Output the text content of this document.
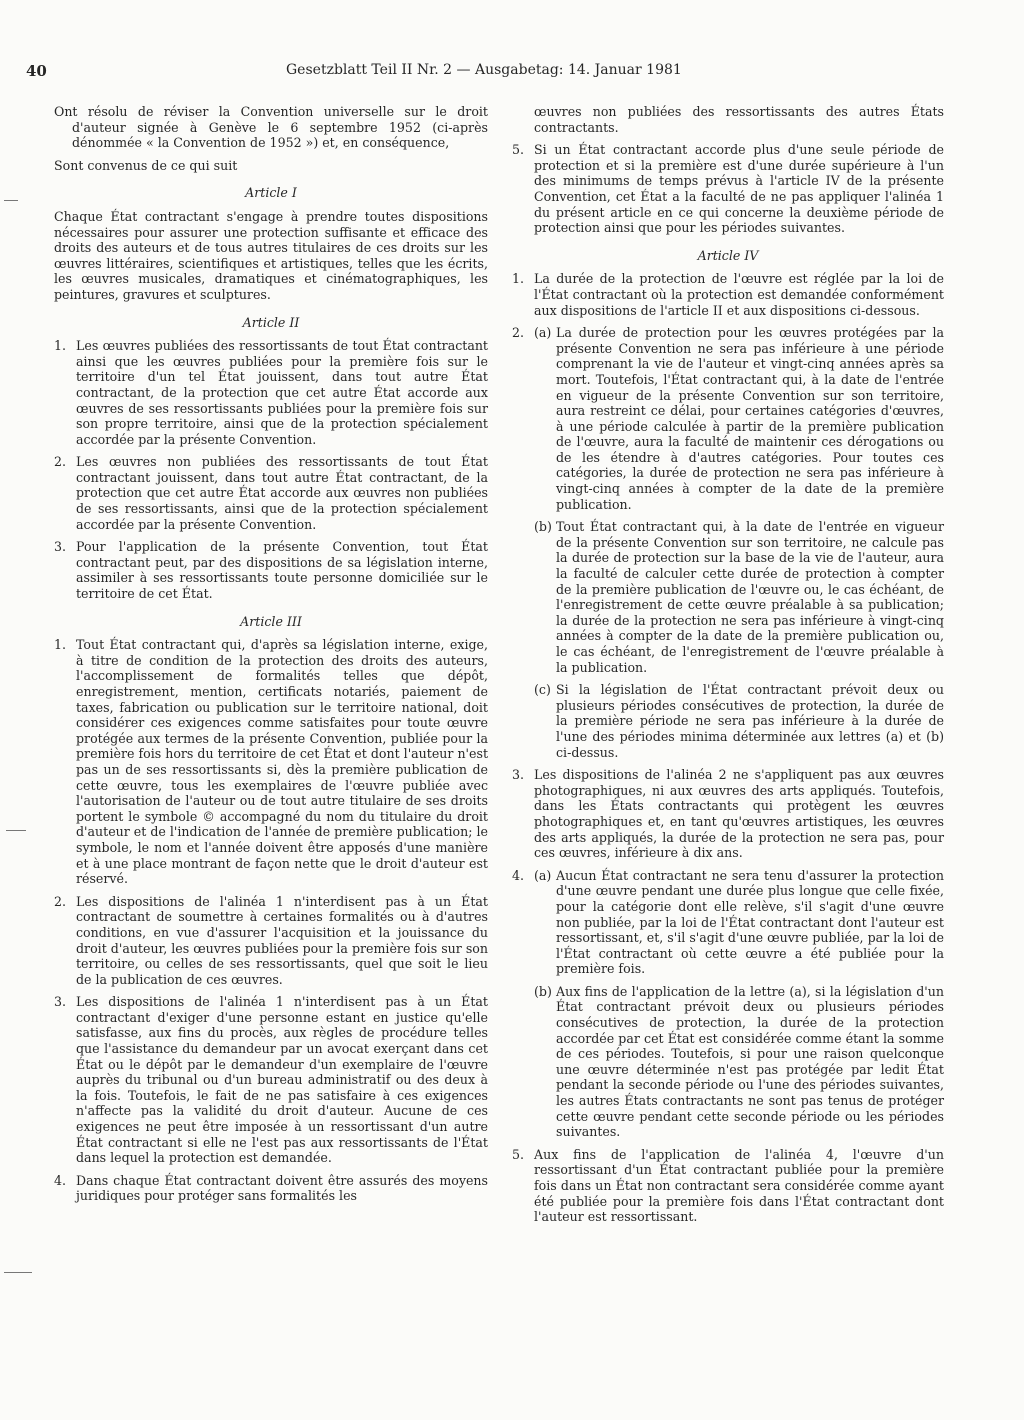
40	Gesetzblatt Teil II Nr. 2 — Ausgabetag: 14. Januar 1981

Ont résolu de réviser la Convention universelle sur le droit d'auteur signée à Genève le 6 septembre 1952 (ci-après dénommée « la Convention de 1952 ») et, en conséquence,

Sont convenus de ce qui suit

Article I

Chaque État contractant s'engage à prendre toutes dispositions nécessaires pour assurer une protection suffisante et efficace des droits des auteurs et de tous autres titulaires de ces droits sur les œuvres littéraires, scientifiques et artistiques, telles que les écrits, les œuvres musicales, dramatiques et cinématographiques, les peintures, gravures et sculptures.

Article II
1. Les œuvres publiées des ressortissants de tout État contractant ainsi que les œuvres publiées pour la première fois sur le territoire d'un tel État jouissent, dans tout autre État contractant, de la protection que cet autre État accorde aux œuvres de ses ressortissants publiées pour la première fois sur son propre territoire, ainsi que de la protection spécialement accordée par la présente Convention.
2. Les œuvres non publiées des ressortissants de tout État contractant jouissent, dans tout autre État contractant, de la protection que cet autre État accorde aux œuvres non publiées de ses ressortissants, ainsi que de la protection spécialement accordée par la présente Convention.
3. Pour l'application de la présente Convention, tout État contractant peut, par des dispositions de sa législation interne, assimiler à ses ressortissants toute personne domiciliée sur le territoire de cet État.
Article III
1. Tout État contractant qui, d'après sa législation interne, exige, à titre de condition de la protection des droits des auteurs, l'accomplissement de formalités telles que dépôt, enregistrement, mention, certificats notariés, paiement de taxes, fabrication ou publication sur le territoire national, doit considérer ces exigences comme satisfaites pour toute œuvre protégée aux termes de la présente Convention, publiée pour la première fois hors du territoire de cet État et dont l'auteur n'est pas un de ses ressortissants si, dès la première publication de cette œuvre, tous les exemplaires de l'œuvre publiée avec l'autorisation de l'auteur ou de tout autre titulaire de ses droits portent le symbole © accompagné du nom du titulaire du droit d'auteur et de l'indication de l'année de première publication; le symbole, le nom et l'année doivent être apposés d'une manière et à une place montrant de façon nette que le droit d'auteur est réservé.
2. Les dispositions de l'alinéa 1 n'interdisent pas à un État contractant de soumettre à certaines formalités ou à d'autres conditions, en vue d'assurer l'acquisition et la jouissance du droit d'auteur, les œuvres publiées pour la première fois sur son territoire, ou celles de ses ressortissants, quel que soit le lieu de la publication de ces œuvres.
3. Les dispositions de l'alinéa 1 n'interdisent pas à un État contractant d'exiger d'une personne estant en justice qu'elle satisfasse, aux fins du procès, aux règles de procédure telles que l'assistance du demandeur par un avocat exerçant dans cet État ou le dépôt par le demandeur d'un exemplaire de l'œuvre auprès du tribunal ou d'un bureau administratif ou des deux à la fois. Toutefois, le fait de ne pas satisfaire à ces exigences n'affecte pas la validité du droit d'auteur. Aucune de ces exigences ne peut être imposée à un ressortissant d'un autre État contractant si elle ne l'est pas aux ressortissants de l'État dans lequel la protection est demandée.
4. Dans chaque État contractant doivent être assurés des moyens juridiques pour protéger sans formalités les
œuvres non publiées des ressortissants des autres États contractants.
5. Si un État contractant accorde plus d'une seule période de protection et si la première est d'une durée supérieure à l'un des minimums de temps prévus à l'article IV de la présente Convention, cet État a la faculté de ne pas appliquer l'alinéa 1 du présent article en ce qui concerne la deuxième période de protection ainsi que pour les périodes suivantes.
Article IV
1. La durée de la protection de l'œuvre est réglée par la loi de l'État contractant où la protection est demandée conformément aux dispositions de l'article II et aux dispositions ci-dessous.
2. (a) La durée de protection pour les œuvres protégées par la présente Convention ne sera pas inférieure à une période comprenant la vie de l'auteur et vingt-cinq années après sa mort. Toutefois, l'État contractant qui, à la date de l'entrée en vigueur de la présente Convention sur son territoire, aura restreint ce délai, pour certaines catégories d'œuvres, à une période calculée à partir de la première publication de l'œuvre, aura la faculté de maintenir ces dérogations ou de les étendre à d'autres catégories. Pour toutes ces catégories, la durée de protection ne sera pas inférieure à vingt-cinq années à compter de la date de la première publication.
(b) Tout État contractant qui, à la date de l'entrée en vigueur de la présente Convention sur son territoire, ne calcule pas la durée de protection sur la base de la vie de l'auteur, aura la faculté de calculer cette durée de protection à compter de la première publication de l'œuvre ou, le cas échéant, de l'enregistrement de cette œuvre préalable à sa publication; la durée de la protection ne sera pas inférieure à vingt-cinq années à compter de la date de la première publication ou, le cas échéant, de l'enregistrement de l'œuvre préalable à la publication.
(c) Si la législation de l'État contractant prévoit deux ou plusieurs périodes consécutives de protection, la durée de la première période ne sera pas inférieure à la durée de l'une des périodes minima déterminée aux lettres (a) et (b) ci-dessus.
3. Les dispositions de l'alinéa 2 ne s'appliquent pas aux œuvres photographiques, ni aux œuvres des arts appliqués. Toutefois, dans les États contractants qui protègent les œuvres photographiques et, en tant qu'œuvres artistiques, les œuvres des arts appliqués, la durée de la protection ne sera pas, pour ces œuvres, inférieure à dix ans.
4. (a) Aucun État contractant ne sera tenu d'assurer la protection d'une œuvre pendant une durée plus longue que celle fixée, pour la catégorie dont elle relève, s'il s'agit d'une œuvre non publiée, par la loi de l'État contractant dont l'auteur est ressortissant, et, s'il s'agit d'une œuvre publiée, par la loi de l'État contractant où cette œuvre a été publiée pour la première fois.
(b) Aux fins de l'application de la lettre (a), si la législation d'un État contractant prévoit deux ou plusieurs périodes consécutives de protection, la durée de la protection accordée par cet État est considérée comme étant la somme de ces périodes. Toutefois, si pour une raison quelconque une œuvre déterminée n'est pas protégée par ledit État pendant la seconde période ou l'une des périodes suivantes, les autres États contractants ne sont pas tenus de protéger cette œuvre pendant cette seconde période ou les périodes suivantes.
5. Aux fins de l'application de l'alinéa 4, l'œuvre d'un ressortissant d'un État contractant publiée pour la première fois dans un État non contractant sera considérée comme ayant été publiée pour la première fois dans l'État contractant dont l'auteur est ressortissant.
